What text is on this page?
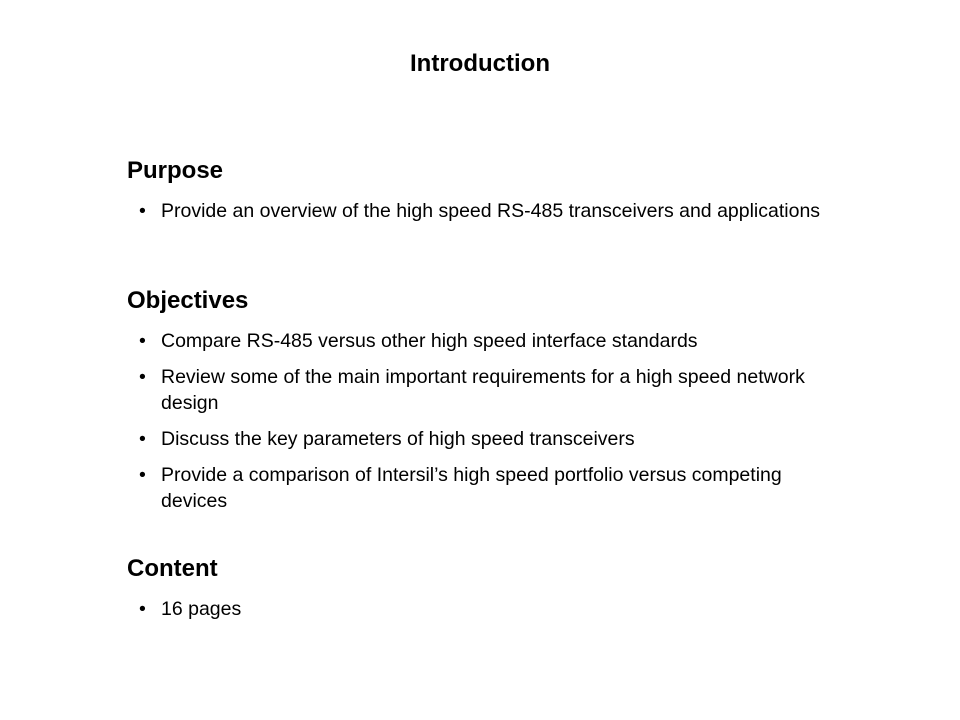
Introduction
Purpose
• Provide an overview of the high speed RS-485 transceivers and applications
Objectives
• Compare RS-485 versus other high speed interface standards
• Review some of the main important requirements for a high speed network design
• Discuss the key parameters of high speed transceivers
• Provide a comparison of Intersil’s high speed portfolio versus competing devices
Content
• 16 pages
